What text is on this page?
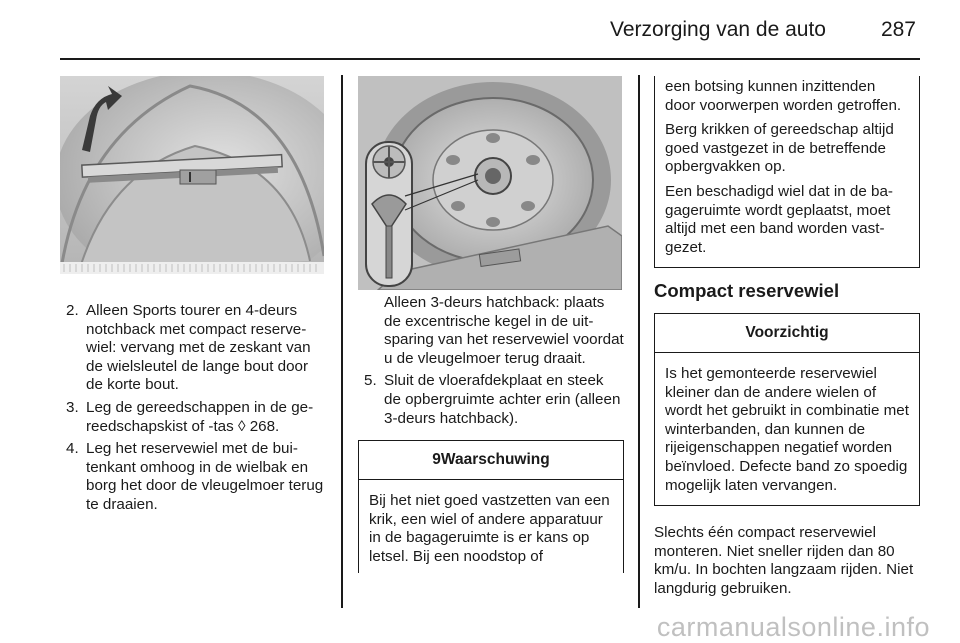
Verzorging van de auto	287
2. Alleen Sports tourer en 4-deurs notchback met compact reservewiel: vervang met de zeskant van de wielsleutel de lange bout door de korte bout.
3. Leg de gereedschappen in de gereedschapskist of -tas ◊ 268.
4. Leg het reservewiel met de buitenkant omhoog in de wielbak en borg het door de vleugelmoer terug te draaien.

Alleen 3-deurs hatchback: plaats de excentrische kegel in de uitsparing van het reservewiel voordat u de vleugelmoer terug draait.

5. Sluit de vloerafdekplaat en steek de opbergruimte achter erin (alleen 3-deurs hatchback).
9Waarschuwing
Bij het niet goed vastzetten van een krik, een wiel of andere apparatuur in de bagageruimte is er kans op letsel. Bij een noodstop of

een botsing kunnen inzittenden door voorwerpen worden getroffen.

Berg krikken of gereedschap altijd goed vastgezet in de betreffende opbergvakken op.

Een beschadigd wiel dat in de bagageruimte wordt geplaatst, moet altijd met een band worden vastgezet.

Compact reservewiel

Voorzichtig
Is het gemonteerde reservewiel kleiner dan de andere wielen of wordt het gebruikt in combinatie met winterbanden, dan kunnen de rijeigenschappen negatief worden beïnvloed. Defecte band zo spoedig mogelijk laten vervangen.

Slechts één compact reservewiel monteren. Niet sneller rijden dan 80 km/u. In bochten langzaam rijden. Niet langdurig gebruiken.

carmanualsonline.info
